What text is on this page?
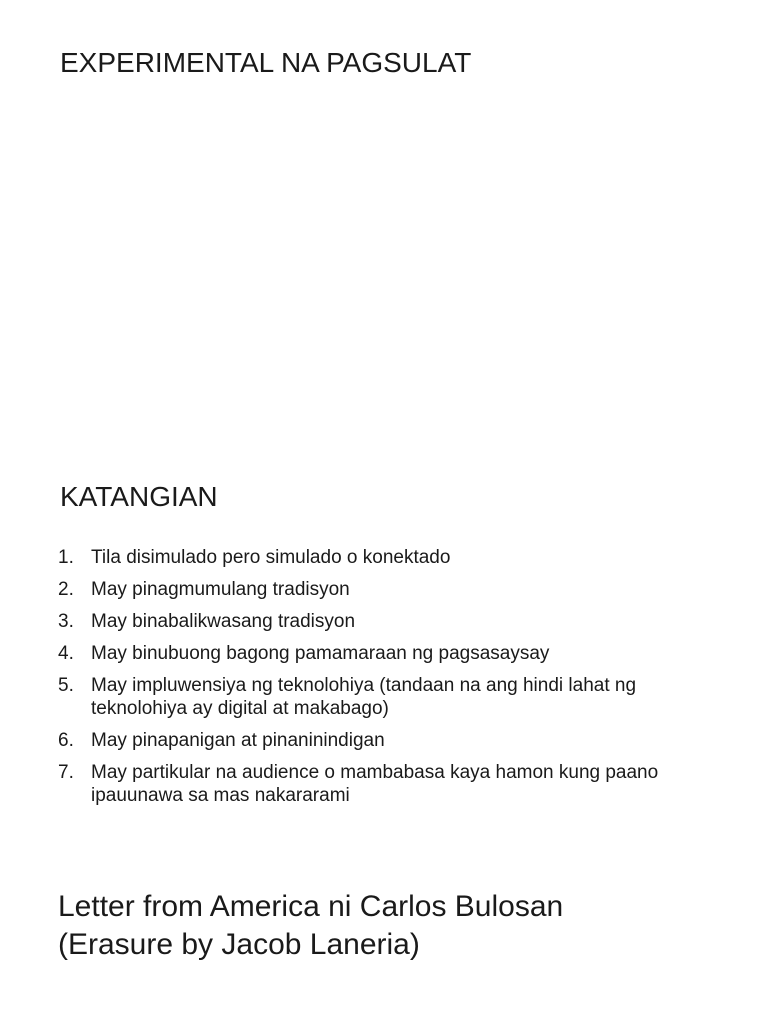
EXPERIMENTAL NA PAGSULAT
KATANGIAN
1. Tila disimulado pero simulado o konektado
2. May pinagmumulang tradisyon
3. May binabalikwasang tradisyon
4. May binubuong bagong pamamaraan ng pagsasaysay
5. May impluwensiya ng teknolohiya (tandaan na ang hindi lahat ng teknolohiya ay digital at makabago)
6. May pinapanigan at pinaninindigan
7. May partikular na audience o mambabasa kaya hamon kung paano ipauunawa sa mas nakararami
Letter from America ni Carlos Bulosan
(Erasure by Jacob Laneria)
